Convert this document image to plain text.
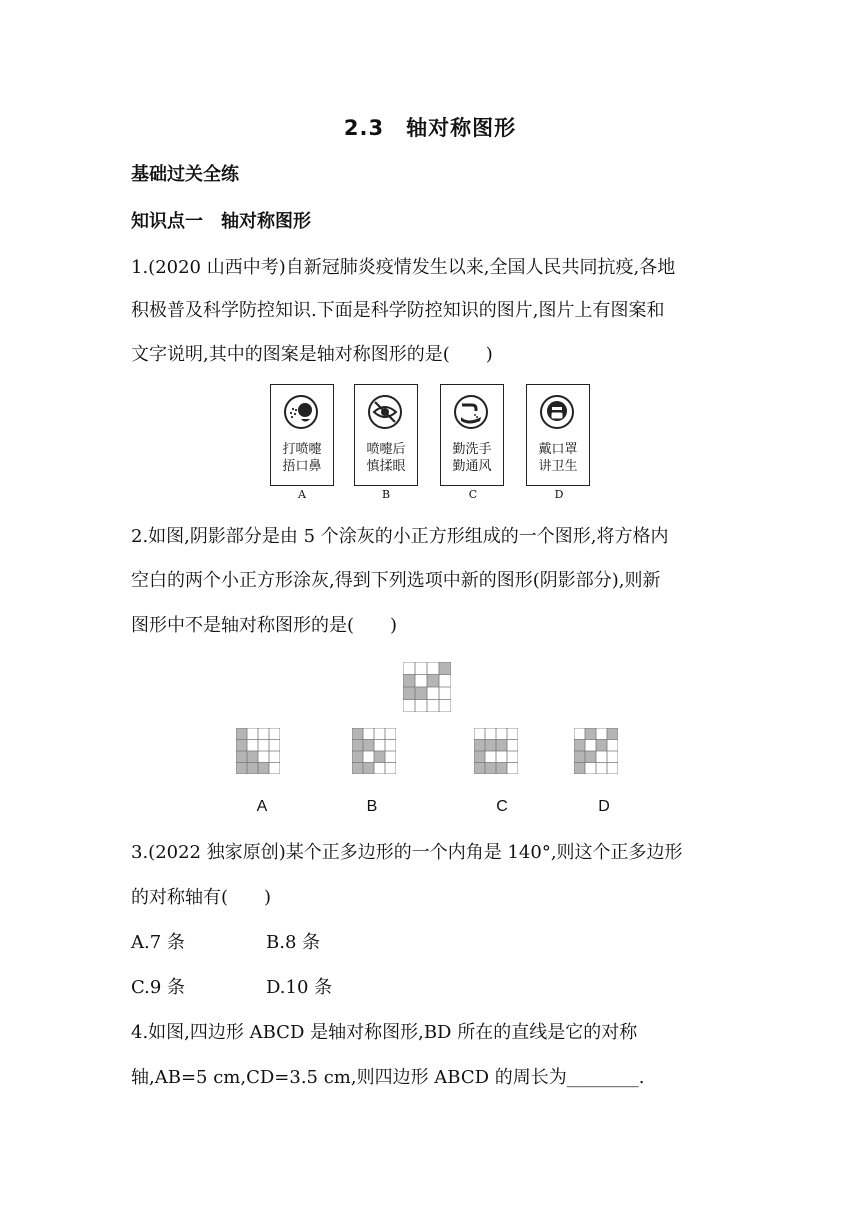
2.3　轴对称图形
基础过关全练
知识点一　轴对称图形
1.(2020 山西中考)自新冠肺炎疫情发生以来,全国人民共同抗疫,各地
积极普及科学防控知识.下面是科学防控知识的图片,图片上有图案和
文字说明,其中的图案是轴对称图形的是(　　)
打喷嚏
捂口鼻
A
喷嚏后
慎揉眼
B
勤洗手
勤通风
C
戴口罩
讲卫生
D
2.如图,阴影部分是由 5 个涂灰的小正方形组成的一个图形,将方格内
空白的两个小正方形涂灰,得到下列选项中新的图形(阴影部分),则新
图形中不是轴对称图形的是(　　)
A	B	C	D
3.(2022 独家原创)某个正多边形的一个内角是 140°,则这个正多边形
的对称轴有(　　)
A.7 条	B.8 条
C.9 条	D.10 条
4.如图,四边形 ABCD 是轴对称图形,BD 所在的直线是它的对称
轴,AB=5 cm,CD=3.5 cm,则四边形 ABCD 的周长为________.
